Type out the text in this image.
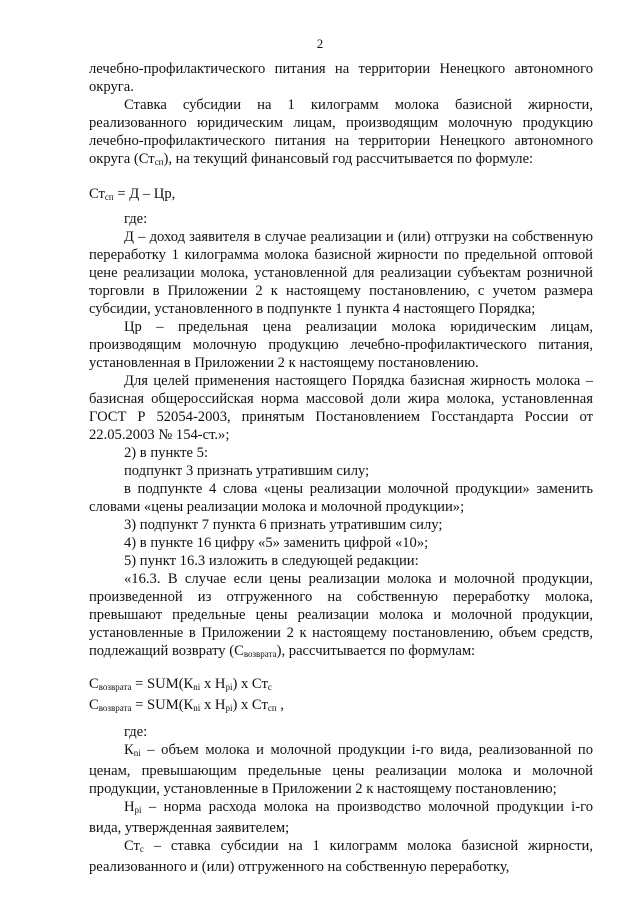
2

лечебно-профилактического питания на территории Ненецкого автономного округа.

Ставка субсидии на 1 килограмм молока базисной жирности, реализованного юридическим лицам, производящим молочную продукцию лечебно-профилактического питания на территории Ненецкого автономного округа $(Ст_{сп})$, на текущий финансовый год рассчитывается по формуле:

$Ст_{сп} = Д$ – Цр,

где:

Д – доход заявителя в случае реализации и (или) отгрузки на собственную переработку 1 килограмма молока базисной жирности по предельной оптовой цене реализации молока, установленной для реализации субъектам розничной торговли в Приложении 2 к настоящему постановлению, с учетом размера субсидии, установленного в подпункте 1 пункта 4 настоящего Порядка;

Цр – предельная цена реализации молока юридическим лицам, производящим молочную продукцию лечебно-профилактического питания, установленная в Приложении 2 к настоящему постановлению.

Для целей применения настоящего Порядка базисная жирность молока – базисная общероссийская норма массовой доли жира молока, установленная ГОСТ Р 52054-2003, принятым Постановлением Госстандарта России от 22.05.2003 № 154-ст.»;

2) в пункте 5:

подпункт 3 признать утратившим силу;

в подпункте 4 слова «цены реализации молочной продукции» заменить словами «цены реализации молока и молочной продукции»;

3) подпункт 7 пункта 6 признать утратившим силу;

4) в пункте 16 цифру «5» заменить цифрой «10»;

5) пункт 16.3 изложить в следующей редакции:

«16.3. В случае если цены реализации молока и молочной продукции, произведенной из отгруженного на собственную переработку молока, превышают предельные цены реализации молока и молочной продукции, установленные в Приложении 2 к настоящему постановлению, объем средств, подлежащий возврату $(С_{возврата})$, рассчитывается по формулам:

$С_{возврата} = SUM(К_{ni}$ х $Н_{pi}$) х $Ст_с$

$С_{возврата} = SUM(К_{ni}$ х $Н_{pi}$) х $Ст_{сп}$ ,

где:

$К_{ni}$ – объем молока и молочной продукции i-го вида, реализованной по ценам, превышающим предельные цены реализации молока и молочной продукции, установленные в Приложении 2 к настоящему постановлению;

$Н_{pi}$ – норма расхода молока на производство молочной продукции i-го вида, утвержденная заявителем;

$Ст_с$ – ставка субсидии на 1 килограмм молока базисной жирности, реализованного и (или) отгруженного на собственную переработку,
